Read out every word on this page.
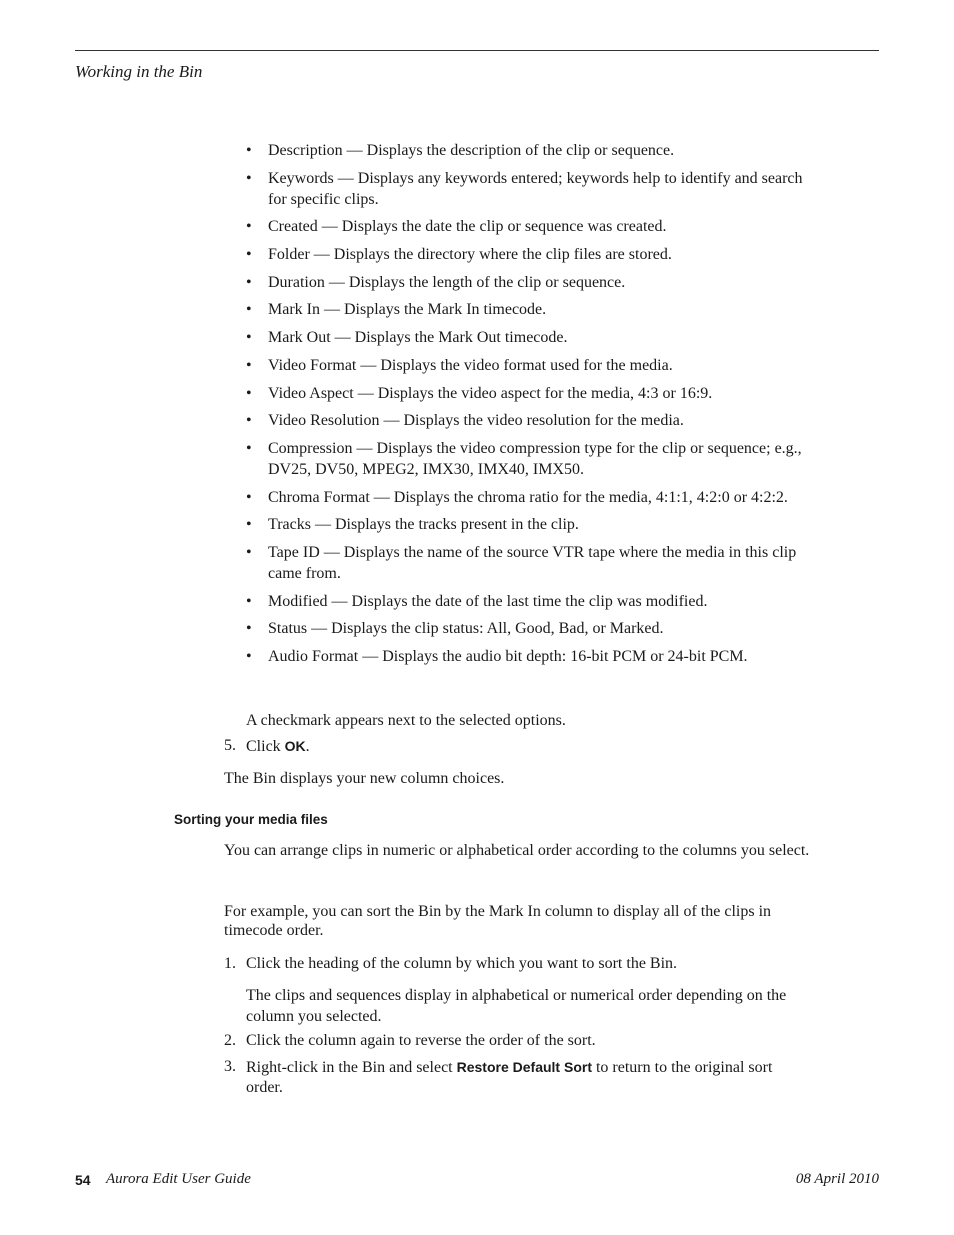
Working in the Bin
• Description — Displays the description of the clip or sequence.
• Keywords — Displays any keywords entered; keywords help to identify and search for specific clips.
• Created — Displays the date the clip or sequence was created.
• Folder — Displays the directory where the clip files are stored.
• Duration — Displays the length of the clip or sequence.
• Mark In — Displays the Mark In timecode.
• Mark Out — Displays the Mark Out timecode.
• Video Format — Displays the video format used for the media.
• Video Aspect — Displays the video aspect for the media, 4:3 or 16:9.
• Video Resolution — Displays the video resolution for the media.
• Compression — Displays the video compression type for the clip or sequence; e.g., DV25, DV50, MPEG2, IMX30, IMX40, IMX50.
• Chroma Format — Displays the chroma ratio for the media, 4:1:1, 4:2:0 or 4:2:2.
• Tracks — Displays the tracks present in the clip.
• Tape ID — Displays the name of the source VTR tape where the media in this clip came from.
• Modified — Displays the date of the last time the clip was modified.
• Status — Displays the clip status: All, Good, Bad, or Marked.
• Audio Format — Displays the audio bit depth: 16-bit PCM or 24-bit PCM.

A checkmark appears next to the selected options.

5. Click OK.

The Bin displays your new column choices.

Sorting your media files

You can arrange clips in numeric or alphabetical order according to the columns you select.

For example, you can sort the Bin by the Mark In column to display all of the clips in timecode order.

1. Click the heading of the column by which you want to sort the Bin.

The clips and sequences display in alphabetical or numerical order depending on the column you selected.

2. Click the column again to reverse the order of the sort.
3. Right-click in the Bin and select Restore Default Sort to return to the original sort order.
54 Aurora Edit User Guide	08 April 2010
